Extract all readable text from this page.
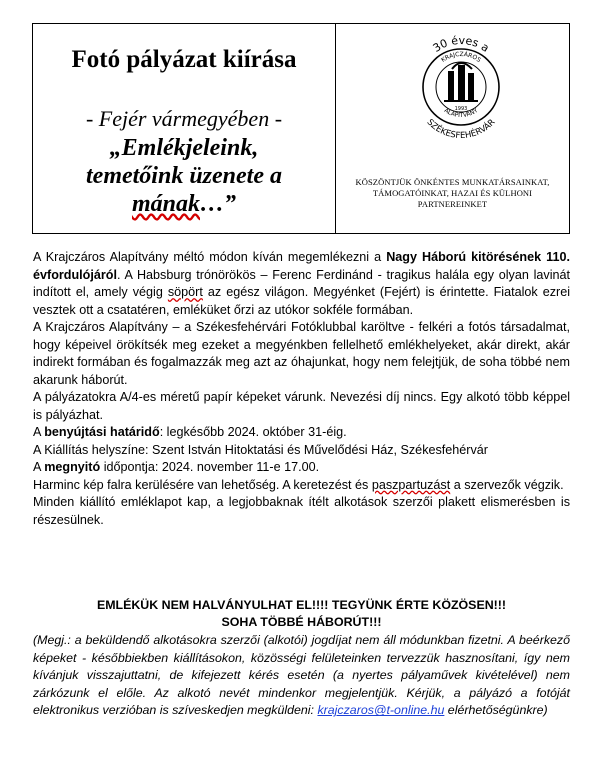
Fotó pályázat kiírása
- Fejér vármegyében -
„Emlékjeleink,
temetőink üzenete a
mának…”
30 éves a
KRAJCZÁROS
ALAPÍTVÁNY
SZÉKESFEHÉRVÁR
1993
KÖSZÖNTJÜK ÖNKÉNTES MUNKATÁRSAINKAT, TÁMOGATÓINKAT, HAZAI ÉS KÜLHONI PARTNEREINKET

A Krajczáros Alapítvány méltó módon kíván megemlékezni a Nagy Háború kitörésének 110. évfordulójáról. A Habsburg trónörökös – Ferenc Ferdinánd - tragikus halála egy olyan lavinát indított el, amely végig söpört az egész világon. Megyénket (Fejért) is érintette. Fiatalok ezrei vesztek ott a csatatéren, emléküket őrzi az utókor sokféle formában.

A Krajczáros Alapítvány – a Székesfehérvári Fotóklubbal karöltve - felkéri a fotós társadalmat, hogy képeivel örökítsék meg ezeket a megyénkben fellelhető emlékhelyeket, akár direkt, akár indirekt formában és fogalmazzák meg azt az óhajunkat, hogy nem felejtjük, de soha többé nem akarunk háborút.

A pályázatokra A/4-es méretű papír képeket várunk. Nevezési díj nincs. Egy alkotó több képpel is pályázhat.

A benyújtási határidő: legkésőbb 2024. október 31-éig.

A Kiállítás helyszíne: Szent István Hitoktatási és Művelődési Ház, Székesfehérvár

A megnyitó időpontja: 2024. november 11-e 17.00.

Harminc kép falra kerülésére van lehetőség. A keretezést és paszpartuzást a szervezők végzik.

Minden kiállító emléklapot kap, a legjobbaknak ítélt alkotások szerzői plakett elismerésben is részesülnek.

EMLÉKÜK NEM HALVÁNYULHAT EL!!!! TEGYÜNK ÉRTE KÖZÖSEN!!!
SOHA TÖBBÉ HÁBORÚT!!!
(Megj.: a beküldendő alkotásokra szerzői (alkotói) jogdíjat nem áll módunkban fizetni. A beérkező képeket - későbbiekben kiállításokon, közösségi felületeinken tervezzük hasznosítani, így nem kívánjuk visszajuttatni, de kifejezett kérés esetén (a nyertes pályaművek kivételével) nem zárkózunk el előle. Az alkotó nevét mindenkor megjelentjük. Kérjük, a pályázó a fotóját elektronikus verzióban is szíveskedjen megküldeni: krajczaros@t-online.hu elérhetőségünkre)
